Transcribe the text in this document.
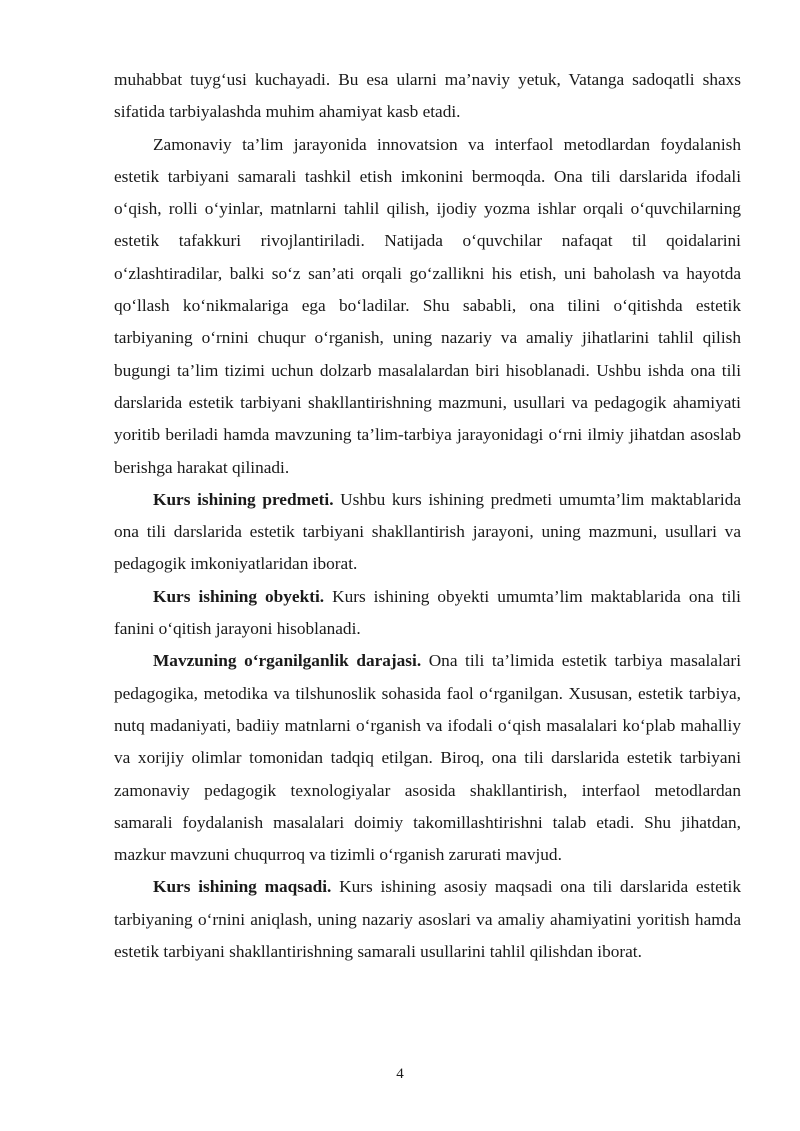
muhabbat tuyg‘usi kuchayadi. Bu esa ularni ma’naviy yetuk, Vatanga sadoqatli shaxs sifatida tarbiyalashda muhim ahamiyat kasb etadi.

Zamonaviy ta’lim jarayonida innovatsion va interfaol metodlardan foydalanish estetik tarbiyani samarali tashkil etish imkonini bermoqda. Ona tili darslarida ifodali o‘qish, rolli o‘yinlar, matnlarni tahlil qilish, ijodiy yozma ishlar orqali o‘quvchilarning estetik tafakkuri rivojlantiriladi. Natijada o‘quvchilar nafaqat til qoidalarini o‘zlashtiradilar, balki so‘z san’ati orqali go‘zallikni his etish, uni baholash va hayotda qo‘llash ko‘nikmalariga ega bo‘ladilar. Shu sababli, ona tilini o‘qitishda estetik tarbiyaning o‘rnini chuqur o‘rganish, uning nazariy va amaliy jihatlarini tahlil qilish bugungi ta’lim tizimi uchun dolzarb masalalardan biri hisoblanadi. Ushbu ishda ona tili darslarida estetik tarbiyani shakllantirishning mazmuni, usullari va pedagogik ahamiyati yoritib beriladi hamda mavzuning ta’lim-tarbiya jarayonidagi o‘rni ilmiy jihatdan asoslab berishga harakat qilinadi.

Kurs ishining predmeti. Ushbu kurs ishining predmeti umumta’lim maktablarida ona tili darslarida estetik tarbiyani shakllantirish jarayoni, uning mazmuni, usullari va pedagogik imkoniyatlaridan iborat.

Kurs ishining obyekti. Kurs ishining obyekti umumta’lim maktablarida ona tili fanini o‘qitish jarayoni hisoblanadi.

Mavzuning o‘rganilganlik darajasi. Ona tili ta’limida estetik tarbiya masalalari pedagogika, metodika va tilshunoslik sohasida faol o‘rganilgan. Xususan, estetik tarbiya, nutq madaniyati, badiiy matnlarni o‘rganish va ifodali o‘qish masalalari ko‘plab mahalliy va xorijiy olimlar tomonidan tadqiq etilgan. Biroq, ona tili darslarida estetik tarbiyani zamonaviy pedagogik texnologiyalar asosida shakllantirish, interfaol metodlardan samarali foydalanish masalalari doimiy takomillashtirishni talab etadi. Shu jihatdan, mazkur mavzuni chuqurroq va tizimli o‘rganish zarurati mavjud.

Kurs ishining maqsadi. Kurs ishining asosiy maqsadi ona tili darslarida estetik tarbiyaning o‘rnini aniqlash, uning nazariy asoslari va amaliy ahamiyatini yoritish hamda estetik tarbiyani shakllantirishning samarali usullarini tahlil qilishdan iborat.

4
